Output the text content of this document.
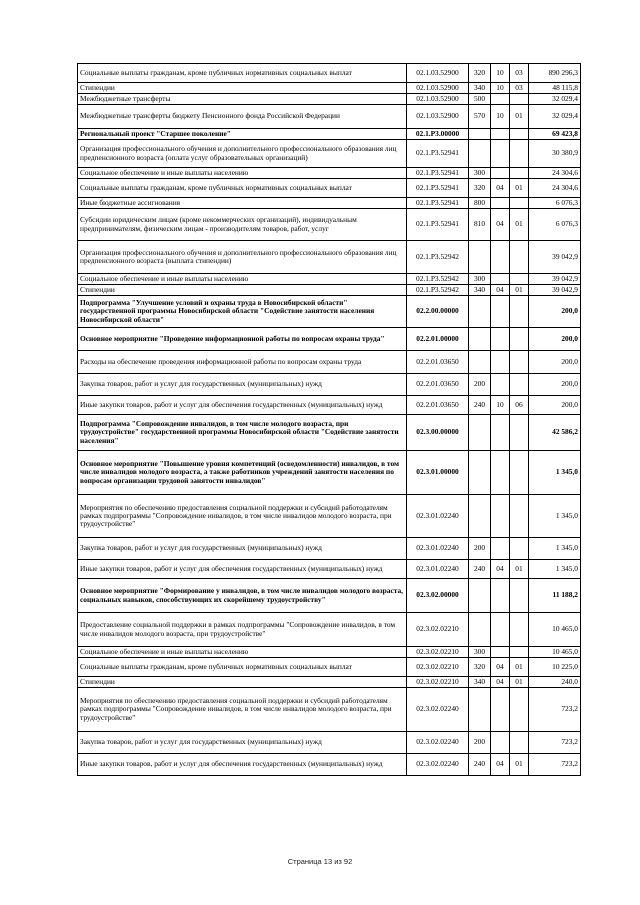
Социальные выплаты гражданам, кроме публичных нормативных социальных выплат	02.1.03.52900	320	10	03	890 296,3
Стипендии	02.1.03.52900	340	10	03	48 115,8
Межбюджетные трансферты	02.1.03.52900	500			32 029,4
Межбюджетные трансферты бюджету Пенсионного фонда Российской Федерации	02.1.03.52900	570	10	01	32 029,4
Региональный проект "Старшее поколение"	02.1.P3.00000				69 423,8
Организация профессионального обучения и дополнительного профессионального образования лиц предпенсионного возраста (оплата услуг образовательных организаций)	02.1.P3.52941				30 380,9
Социальное обеспечение и иные выплаты населению	02.1.P3.52941	300			24 304,6
Социальные выплаты гражданам, кроме публичных нормативных социальных выплат	02.1.P3.52941	320	04	01	24 304,6
Иные бюджетные ассигнования	02.1.P3.52941	800			6 076,3
Субсидии юридическим лицам (кроме некоммерческих организаций), индивидуальным предпринимателям, физическим лицам - производителям товаров, работ, услуг	02.1.P3.52941	810	04	01	6 076,3
Организация профессионального обучения и дополнительного профессионального образования лиц предпенсионного возраста (выплата стипендии)	02.1.P3.52942				39 042,9
Социальное обеспечение и иные выплаты населению	02.1.P3.52942	300			39 042,9
Стипендии	02.1.P3.52942	340	04	01	39 042,9
Подпрограмма "Улучшение условий и охраны труда в Новосибирской области" государственной программы Новосибирской области "Содействие занятости населения Новосибирской области"	02.2.00.00000				200,0
Основное мероприятие "Проведение информационной работы по вопросам охраны труда"	02.2.01.00000				200,0
Расходы на обеспечение проведения информационной работы по вопросам охраны труда	02.2.01.03650				200,0
Закупка товаров, работ и услуг для государственных (муниципальных) нужд	02.2.01.03650	200			200,0
Иные закупки товаров, работ и услуг для обеспечения государственных (муниципальных) нужд	02.2.01.03650	240	10	06	200,0
Подпрограмма "Сопровождение инвалидов, в том числе молодого возраста, при трудоустройстве" государственной программы Новосибирской области "Содействие занятости населения"	02.3.00.00000				42 586,2
Основное мероприятие "Повышение уровня компетенций (осведомленности) инвалидов, в том числе инвалидов молодого возраста, а также работников учреждений занятости населения по вопросам организации трудовой занятости инвалидов"	02.3.01.00000				1 345,0
Мероприятия по обеспечению предоставления социальной поддержки и субсидий работодателям рамках подпрограммы "Сопровождение инвалидов, в том числе инвалидов молодого возраста, при трудоустройстве"	02.3.01.02240				1 345,0
Закупка товаров, работ и услуг для государственных (муниципальных) нужд	02.3.01.02240	200			1 345,0
Иные закупки товаров, работ и услуг для обеспечения государственных (муниципальных) нужд	02.3.01.02240	240	04	01	1 345,0
Основное мероприятие "Формирование у инвалидов, в том числе инвалидов молодого возраста, социальных навыков, способствующих их скорейшему трудоустройству"	02.3.02.00000				11 188,2
Предоставление социальной поддержки в рамках подпрограммы "Сопровождение инвалидов, в том числе инвалидов молодого возраста, при трудоустройстве"	02.3.02.02210				10 465,0
Социальное обеспечение и иные выплаты населению	02.3.02.02210	300			10 465,0
Социальные выплаты гражданам, кроме публичных нормативных социальных выплат	02.3.02.02210	320	04	01	10 225,0
Стипендии	02.3.02.02210	340	04	01	240,0
Мероприятия по обеспечению предоставления социальной поддержки и субсидий работодателям рамках подпрограммы "Сопровождение инвалидов, в том числе инвалидов молодого возраста, при трудоустройстве"	02.3.02.02240				723,2
Закупка товаров, работ и услуг для государственных (муниципальных) нужд	02.3.02.02240	200			723,2
Иные закупки товаров, работ и услуг для обеспечения государственных (муниципальных) нужд	02.3.02.02240	240	04	01	723,2
Страница 13 из 92
